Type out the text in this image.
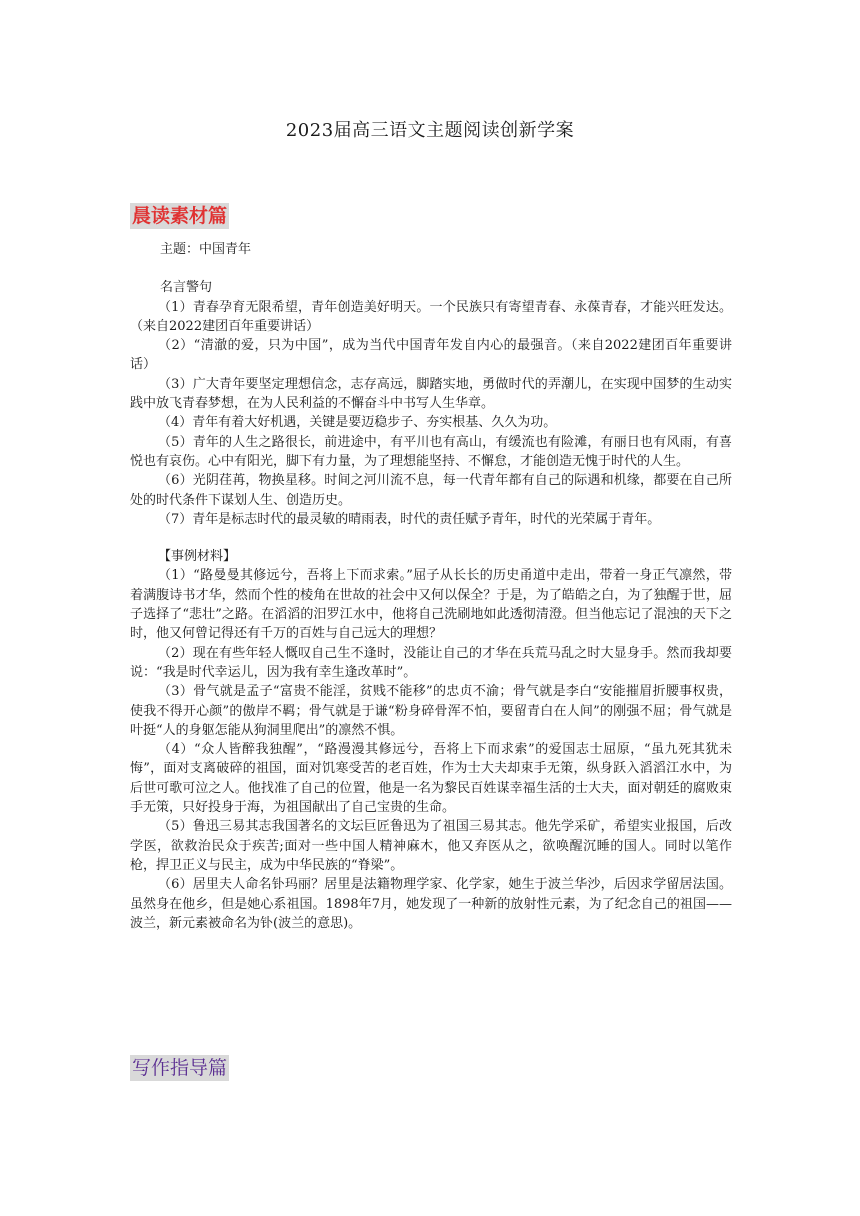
2023届高三语文主题阅读创新学案
晨读素材篇

主题：中国青年

名言警句

（1）青春孕育无限希望，青年创造美好明天。一个民族只有寄望青春、永葆青春，才能兴旺发达。（来自2022建团百年重要讲话）

（2）“清澈的爱，只为中国”，成为当代中国青年发自内心的最强音。（来自2022建团百年重要讲话）

（3）广大青年要坚定理想信念，志存高远，脚踏实地，勇做时代的弄潮儿，在实现中国梦的生动实践中放飞青春梦想，在为人民利益的不懈奋斗中书写人生华章。

（4）青年有着大好机遇，关键是要迈稳步子、夯实根基、久久为功。

（5）青年的人生之路很长，前进途中，有平川也有高山，有缓流也有险滩，有丽日也有风雨，有喜悦也有哀伤。心中有阳光，脚下有力量，为了理想能坚持、不懈怠，才能创造无愧于时代的人生。

（6）光阴荏苒，物换星移。时间之河川流不息，每一代青年都有自己的际遇和机缘，都要在自己所处的时代条件下谋划人生、创造历史。

（7）青年是标志时代的最灵敏的晴雨表，时代的责任赋予青年，时代的光荣属于青年。

【事例材料】

（1）“路曼曼其修远兮，吾将上下而求索。”屈子从长长的历史甬道中走出，带着一身正气凛然，带着满腹诗书才华，然而个性的棱角在世故的社会中又何以保全？于是，为了皓皓之白，为了独醒于世，屈子选择了“悲壮”之路。在滔滔的汨罗江水中，他将自己洗刷地如此透彻清澄。但当他忘记了混浊的天下之时，他又何曾记得还有千万的百姓与自己远大的理想？

（2）现在有些年轻人慨叹自己生不逢时，没能让自己的才华在兵荒马乱之时大显身手。然而我却要说：“我是时代幸运儿，因为我有幸生逢改革时”。

（3）骨气就是孟子“富贵不能淫，贫贱不能移”的忠贞不渝；骨气就是李白“安能摧眉折腰事权贵，使我不得开心颜”的傲岸不羁；骨气就是于谦“粉身碎骨浑不怕，要留青白在人间”的刚强不屈；骨气就是叶挺“人的身躯怎能从狗洞里爬出”的凛然不惧。

（4）“众人皆醉我独醒”，“路漫漫其修远兮，吾将上下而求索”的爱国志士屈原，“虽九死其犹未悔”，面对支离破碎的祖国，面对饥寒受苦的老百姓，作为士大夫却束手无策，纵身跃入滔滔江水中，为后世可歌可泣之人。他找准了自己的位置，他是一名为黎民百姓谋幸福生活的士大夫，面对朝廷的腐败束手无策，只好投身于海，为祖国献出了自己宝贵的生命。

（5）鲁迅三易其志我国著名的文坛巨匠鲁迅为了祖国三易其志。他先学采矿，希望实业报国，后改学医，欲救治民众于疾苦;面对一些中国人精神麻木，他又弃医从之，欲唤醒沉睡的国人。同时以笔作枪，捍卫正义与民主，成为中华民族的“脊梁”。

（6）居里夫人命名钋玛丽？居里是法籍物理学家、化学家，她生于波兰华沙，后因求学留居法国。虽然身在他乡，但是她心系祖国。1898年7月，她发现了一种新的放射性元素，为了纪念自己的祖国——波兰，新元素被命名为钋(波兰的意思)。

写作指导篇
